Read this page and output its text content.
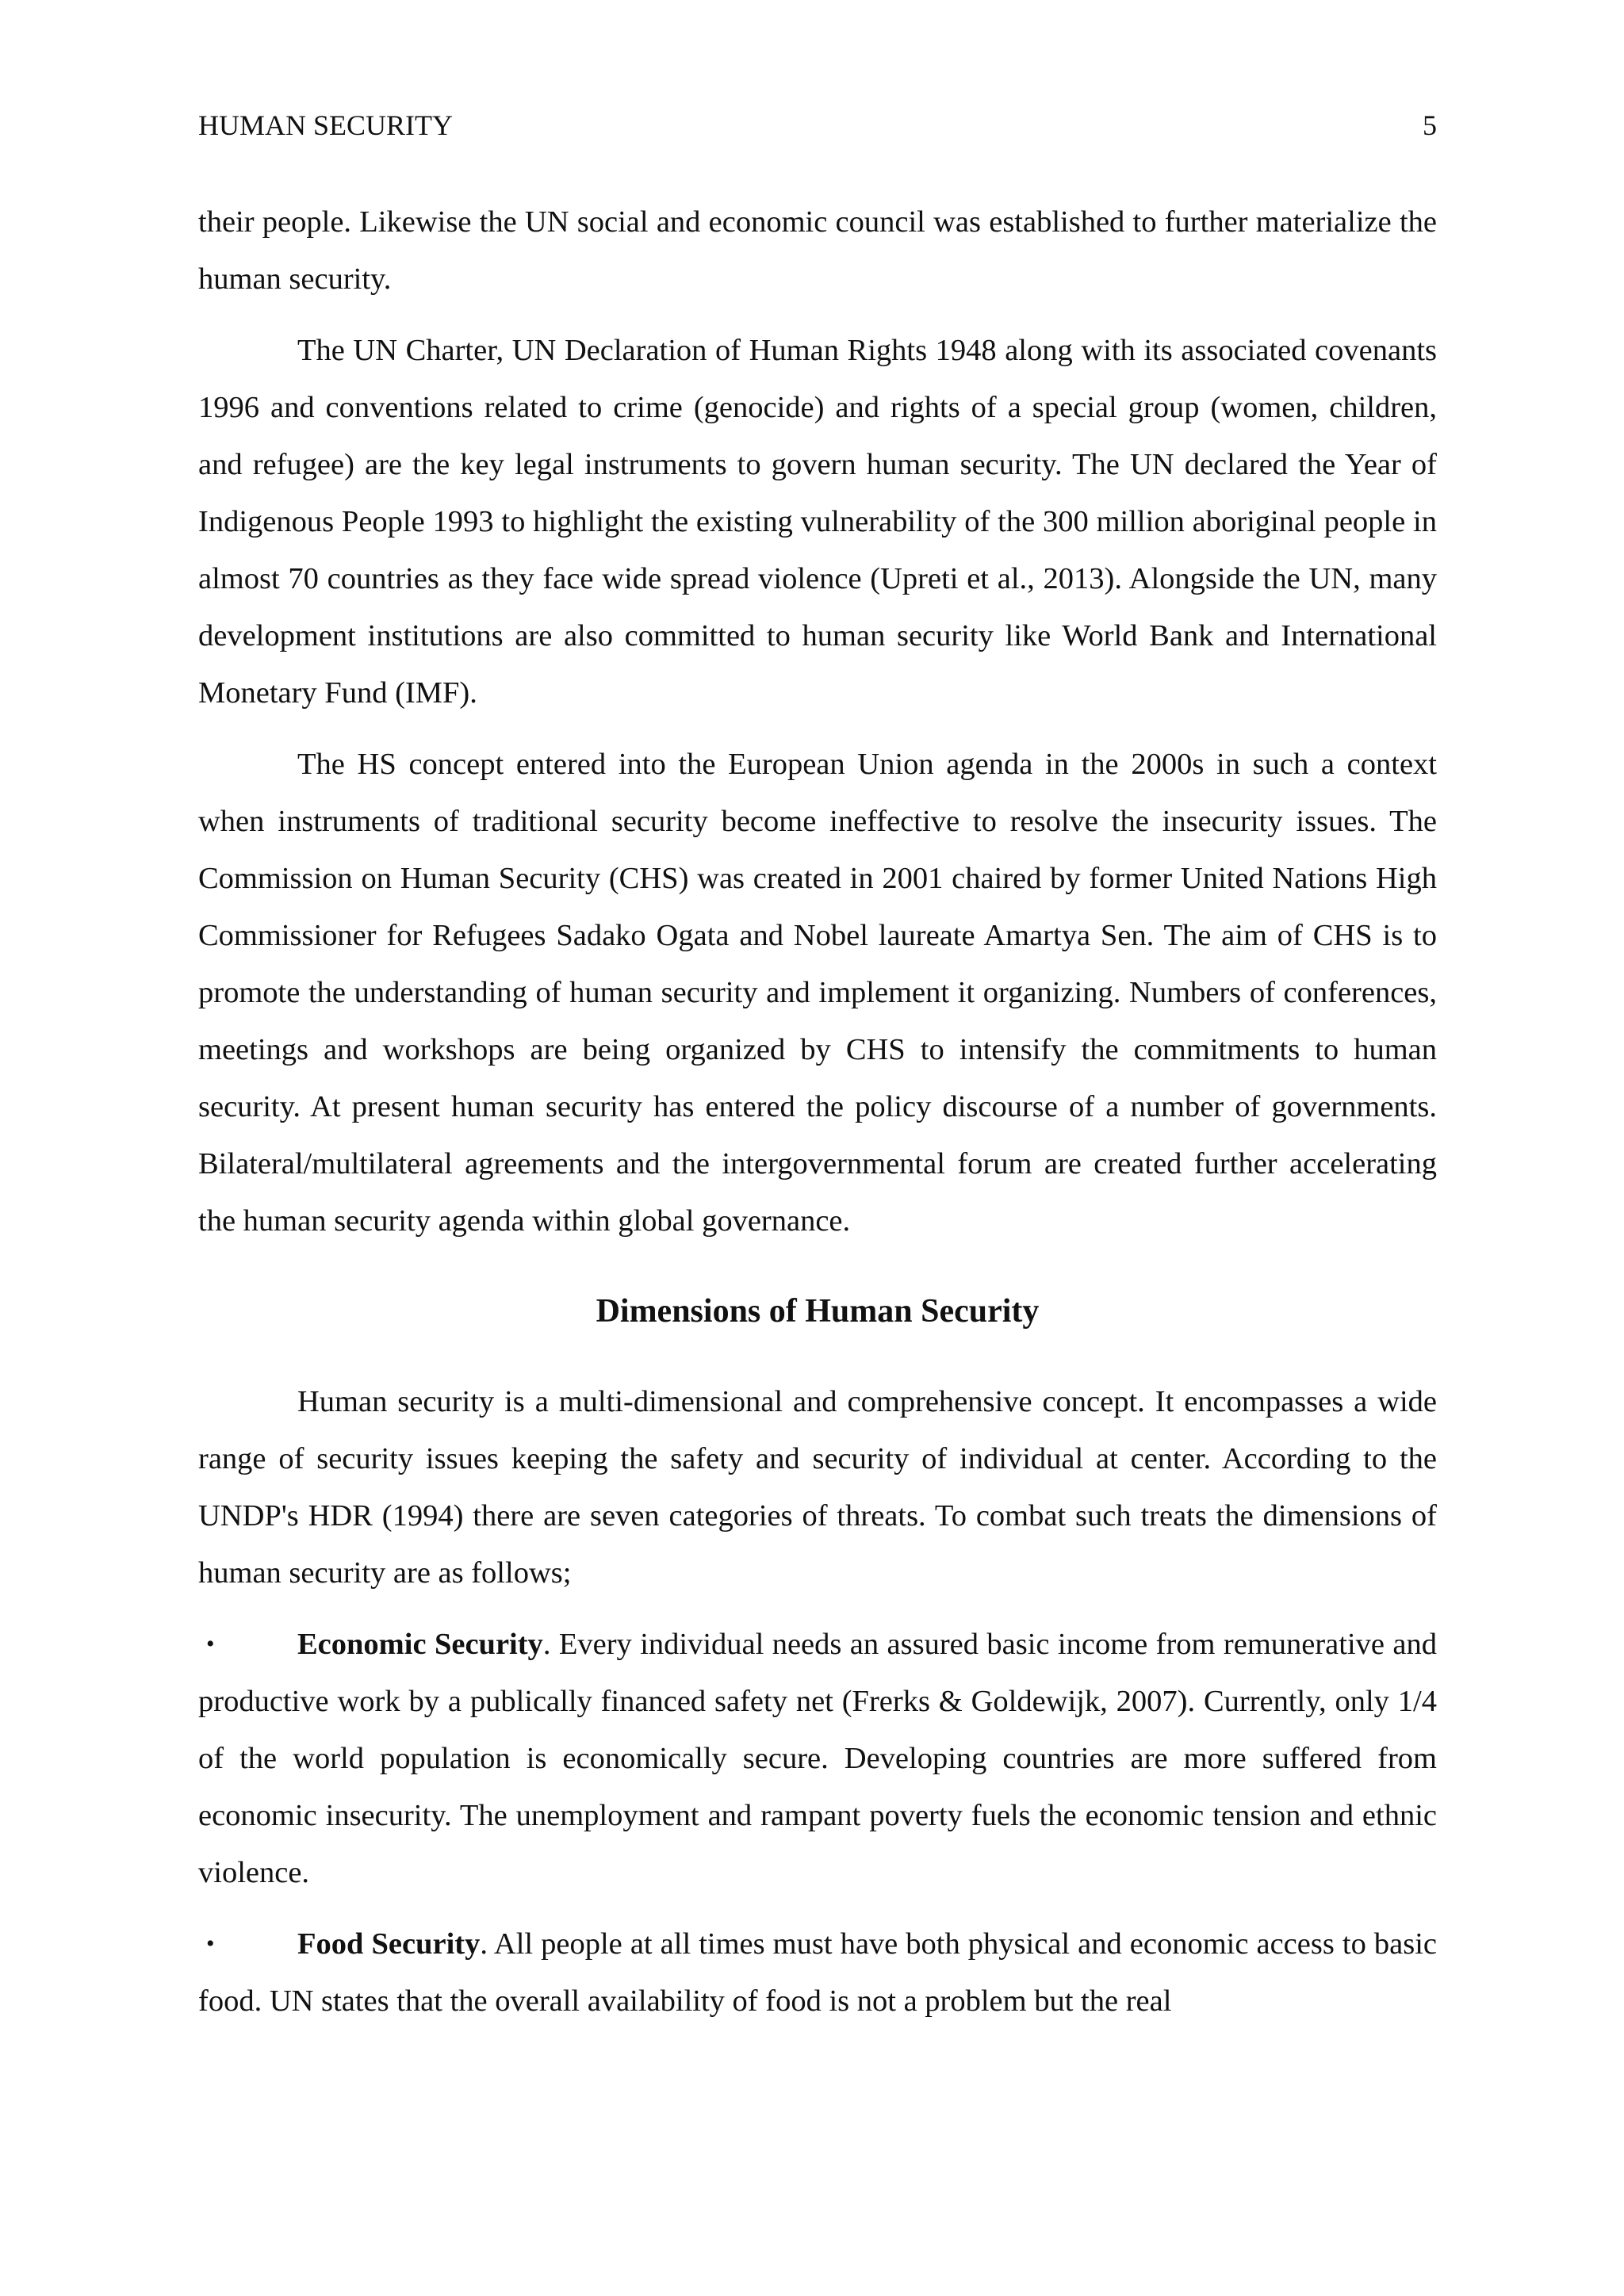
HUMAN SECURITY	5

their people. Likewise the UN social and economic council was established to further materialize the human security.

The UN Charter, UN Declaration of Human Rights 1948 along with its associated covenants 1996 and conventions related to crime (genocide) and rights of a special group (women, children, and refugee) are the key legal instruments to govern human security. The UN declared the Year of Indigenous People 1993 to highlight the existing vulnerability of the 300 million aboriginal people in almost 70 countries as they face wide spread violence (Upreti et al., 2013). Alongside the UN, many development institutions are also committed to human security like World Bank and International Monetary Fund (IMF).

The HS concept entered into the European Union agenda in the 2000s in such a context when instruments of traditional security become ineffective to resolve the insecurity issues. The Commission on Human Security (CHS) was created in 2001 chaired by former United Nations High Commissioner for Refugees Sadako Ogata and Nobel laureate Amartya Sen. The aim of CHS is to promote the understanding of human security and implement it organizing. Numbers of conferences, meetings and workshops are being organized by CHS to intensify the commitments to human security. At present human security has entered the policy discourse of a number of governments. Bilateral/multilateral agreements and the intergovernmental forum are created further accelerating the human security agenda within global governance.

Dimensions of Human Security

Human security is a multi-dimensional and comprehensive concept. It encompasses a wide range of security issues keeping the safety and security of individual at center. According to the UNDP's HDR (1994) there are seven categories of threats. To combat such treats the dimensions of human security are as follows;

•	Economic Security. Every individual needs an assured basic income from remunerative and productive work by a publically financed safety net (Frerks & Goldewijk, 2007). Currently, only 1/4 of the world population is economically secure. Developing countries are more suffered from economic insecurity. The unemployment and rampant poverty fuels the economic tension and ethnic violence.

•	Food Security. All people at all times must have both physical and economic access to basic food. UN states that the overall availability of food is not a problem but the real
